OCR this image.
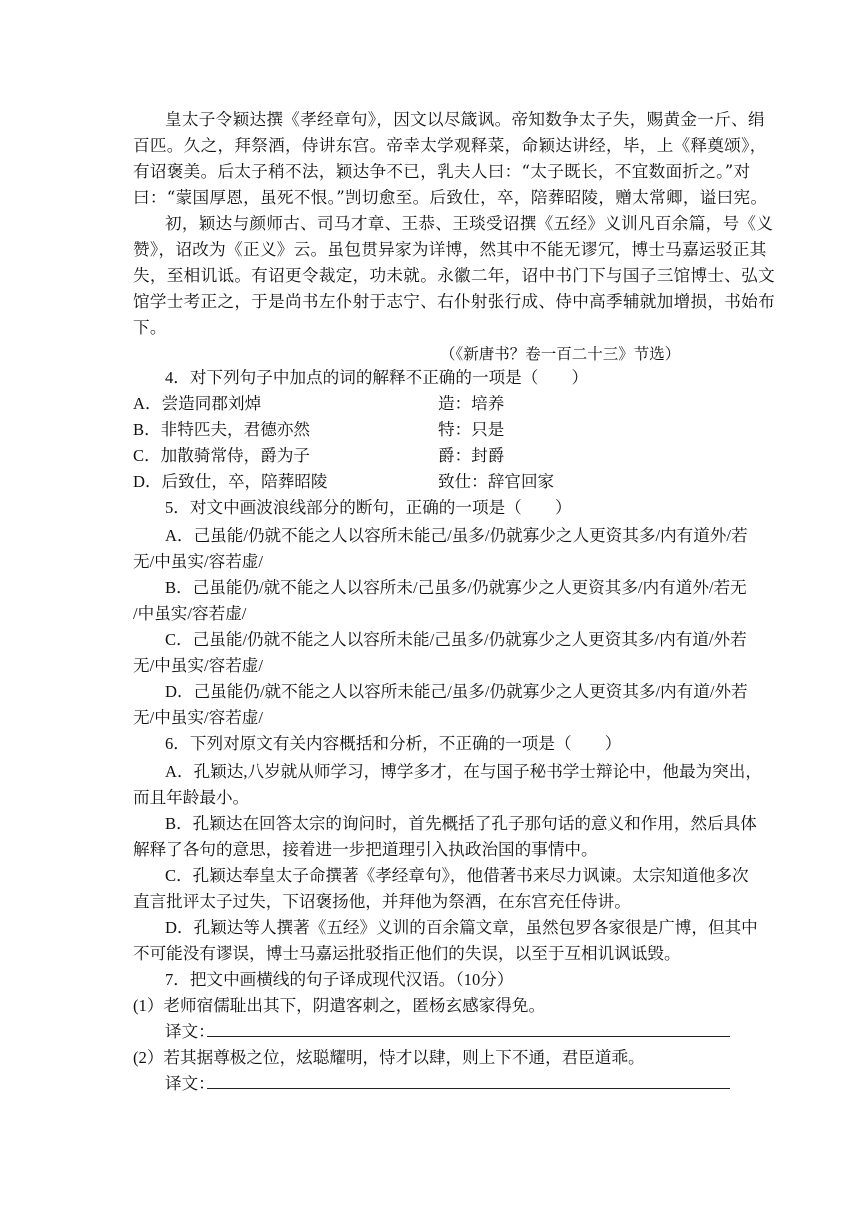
皇太子令颖达撰《孝经章句》，因文以尽箴讽。帝知数争太子失，赐黄金一斤、绢
百匹。久之，拜祭酒，侍讲东宫。帝幸太学观释菜，命颖达讲经，毕，上《释奠颂》，
有诏褒美。后太子稍不法，颖达争不已，乳夫人曰：“太子既长，不宜数面折之。”对
曰：“蒙国厚恩，虽死不恨。”剀切愈至。后致仕，卒，陪葬昭陵，赠太常卿，谥曰宪。
初，颖达与颜师古、司马才章、王恭、王琰受诏撰《五经》义训凡百余篇，号《义
赞》，诏改为《正义》云。虽包贯异家为详博，然其中不能无谬冗，博士马嘉运驳正其
失，至相讥诋。有诏更令裁定，功未就。永徽二年，诏中书门下与国子三馆博士、弘文
馆学士考正之，于是尚书左仆射于志宁、右仆射张行成、侍中高季辅就加增损，书始布
下。
（《新唐书？卷一百二十三》节选）
4．对下列句子中加点的词的解释不正确的一项是（　　）
A．尝造同郡刘焯	造：培养
B．非特匹夫，君德亦然	特：只是
C．加散骑常侍，爵为子	爵：封爵
D．后致仕，卒，陪葬昭陵	致仕：辞官回家
5．对文中画波浪线部分的断句，正确的一项是（　　）
A．己虽能/仍就不能之人以容所未能己/虽多/仍就寡少之人更资其多/内有道外/若
无/中虽实/容若虚/
B．己虽能仍/就不能之人以容所未/己虽多/仍就寡少之人更资其多/内有道外/若无
/中虽实/容若虚/
C．己虽能/仍就不能之人以容所未能/己虽多/仍就寡少之人更资其多/内有道/外若
无/中虽实/容若虚/
D．己虽能仍/就不能之人以容所未能己/虽多/仍就寡少之人更资其多/内有道/外若
无/中虽实/容若虚/
6．下列对原文有关内容概括和分析，不正确的一项是（　　）
A．孔颖达,八岁就从师学习，博学多才，在与国子秘书学士辩论中，他最为突出，
而且年龄最小。
B．孔颖达在回答太宗的询问时，首先概括了孔子那句话的意义和作用，然后具体
解释了各句的意思，接着进一步把道理引入执政治国的事情中。
C．孔颖达奉皇太子命撰著《孝经章句》，他借著书来尽力讽谏。太宗知道他多次
直言批评太子过失，下诏褒扬他，并拜他为祭酒，在东宫充任侍讲。
D．孔颖达等人撰著《五经》义训的百余篇文章，虽然包罗各家很是广博，但其中
不可能没有谬误，博士马嘉运批驳指正他们的失误，以至于互相讥讽诋毁。
7．把文中画横线的句子译成现代汉语。（10分）
(1）老师宿儒耻出其下，阴遣客刺之，匿杨玄感家得免。
译文：
(2）若其据尊极之位，炫聪耀明，恃才以肆，则上下不通，君臣道乖。
译文：
